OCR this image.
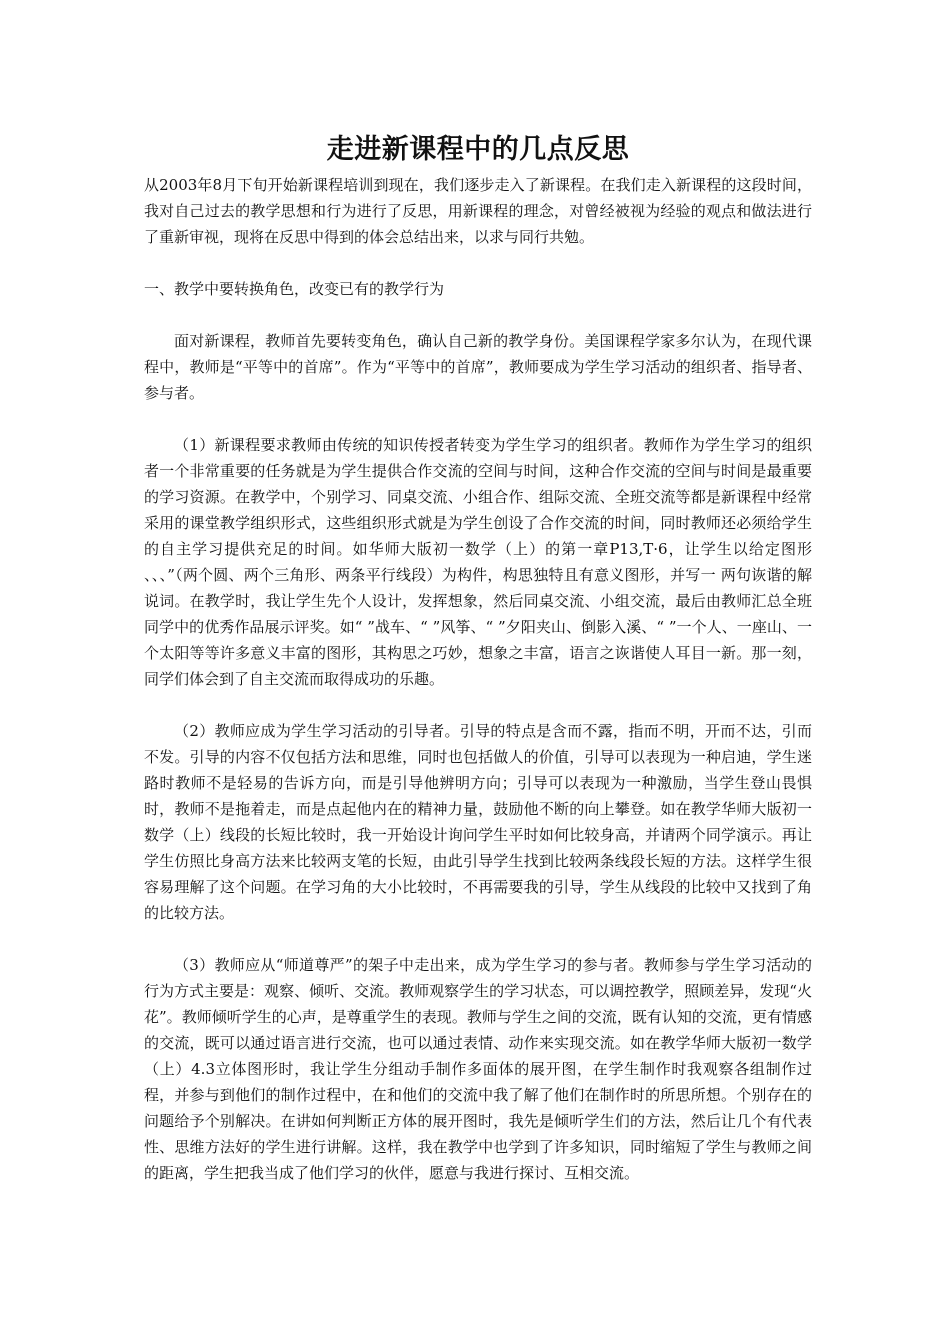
走进新课程中的几点反思

从2003年8月下旬开始新课程培训到现在，我们逐步走入了新课程。在我们走入新课程的这段时间，我对自己过去的教学思想和行为进行了反思，用新课程的理念，对曾经被视为经验的观点和做法进行了重新审视，现将在反思中得到的体会总结出来，以求与同行共勉。

一、教学中要转换角色，改变已有的教学行为

面对新课程，教师首先要转变角色，确认自己新的教学身份。美国课程学家多尔认为，在现代课程中，教师是“平等中的首席”。作为“平等中的首席”，教师要成为学生学习活动的组织者、指导者、参与者。

（1）新课程要求教师由传统的知识传授者转变为学生学习的组织者。教师作为学生学习的组织者一个非常重要的任务就是为学生提供合作交流的空间与时间，这种合作交流的空间与时间是最重要的学习资源。在教学中，个别学习、同桌交流、小组合作、组际交流、全班交流等都是新课程中经常采用的课堂教学组织形式，这些组织形式就是为学生创设了合作交流的时间，同时教师还必须给学生的自主学习提供充足的时间。如华师大版初一数学（上）的第一章P13,T·6，让学生以给定图形 、、、”（两个圆、两个三角形、两条平行线段）为构件，构思独特且有意义图形，并写一 两句诙谐的解说词。在教学时，我让学生先个人设计，发挥想象，然后同桌交流、小组交流，最后由教师汇总全班同学中的优秀作品展示评奖。如“ ”战车、“ ”风筝、“ ”夕阳夹山、倒影入溪、“ ”一个人、一座山、一个太阳等等许多意义丰富的图形，其构思之巧妙，想象之丰富，语言之诙谐使人耳目一新。那一刻，同学们体会到了自主交流而取得成功的乐趣。

（2）教师应成为学生学习活动的引导者。引导的特点是含而不露，指而不明，开而不达，引而不发。引导的内容不仅包括方法和思维，同时也包括做人的价值，引导可以表现为一种启迪，学生迷路时教师不是轻易的告诉方向，而是引导他辨明方向；引导可以表现为一种激励，当学生登山畏惧时，教师不是拖着走，而是点起他内在的精神力量，鼓励他不断的向上攀登。如在教学华师大版初一数学（上）线段的长短比较时，我一开始设计询问学生平时如何比较身高，并请两个同学演示。再让学生仿照比身高方法来比较两支笔的长短，由此引导学生找到比较两条线段长短的方法。这样学生很容易理解了这个问题。在学习角的大小比较时，不再需要我的引导，学生从线段的比较中又找到了角的比较方法。

（3）教师应从“师道尊严”的架子中走出来，成为学生学习的参与者。教师参与学生学习活动的行为方式主要是：观察、倾听、交流。教师观察学生的学习状态，可以调控教学，照顾差异，发现“火花”。教师倾听学生的心声，是尊重学生的表现。教师与学生之间的交流，既有认知的交流，更有情感的交流，既可以通过语言进行交流，也可以通过表情、动作来实现交流。如在教学华师大版初一数学（上）4.3立体图形时，我让学生分组动手制作多面体的展开图，在学生制作时我观察各组制作过程，并参与到他们的制作过程中，在和他们的交流中我了解了他们在制作时的所思所想。个别存在的问题给予个别解决。在讲如何判断正方体的展开图时，我先是倾听学生们的方法，然后让几个有代表性、思维方法好的学生进行讲解。这样，我在教学中也学到了许多知识，同时缩短了学生与教师之间的距离，学生把我当成了他们学习的伙伴，愿意与我进行探讨、互相交流。
